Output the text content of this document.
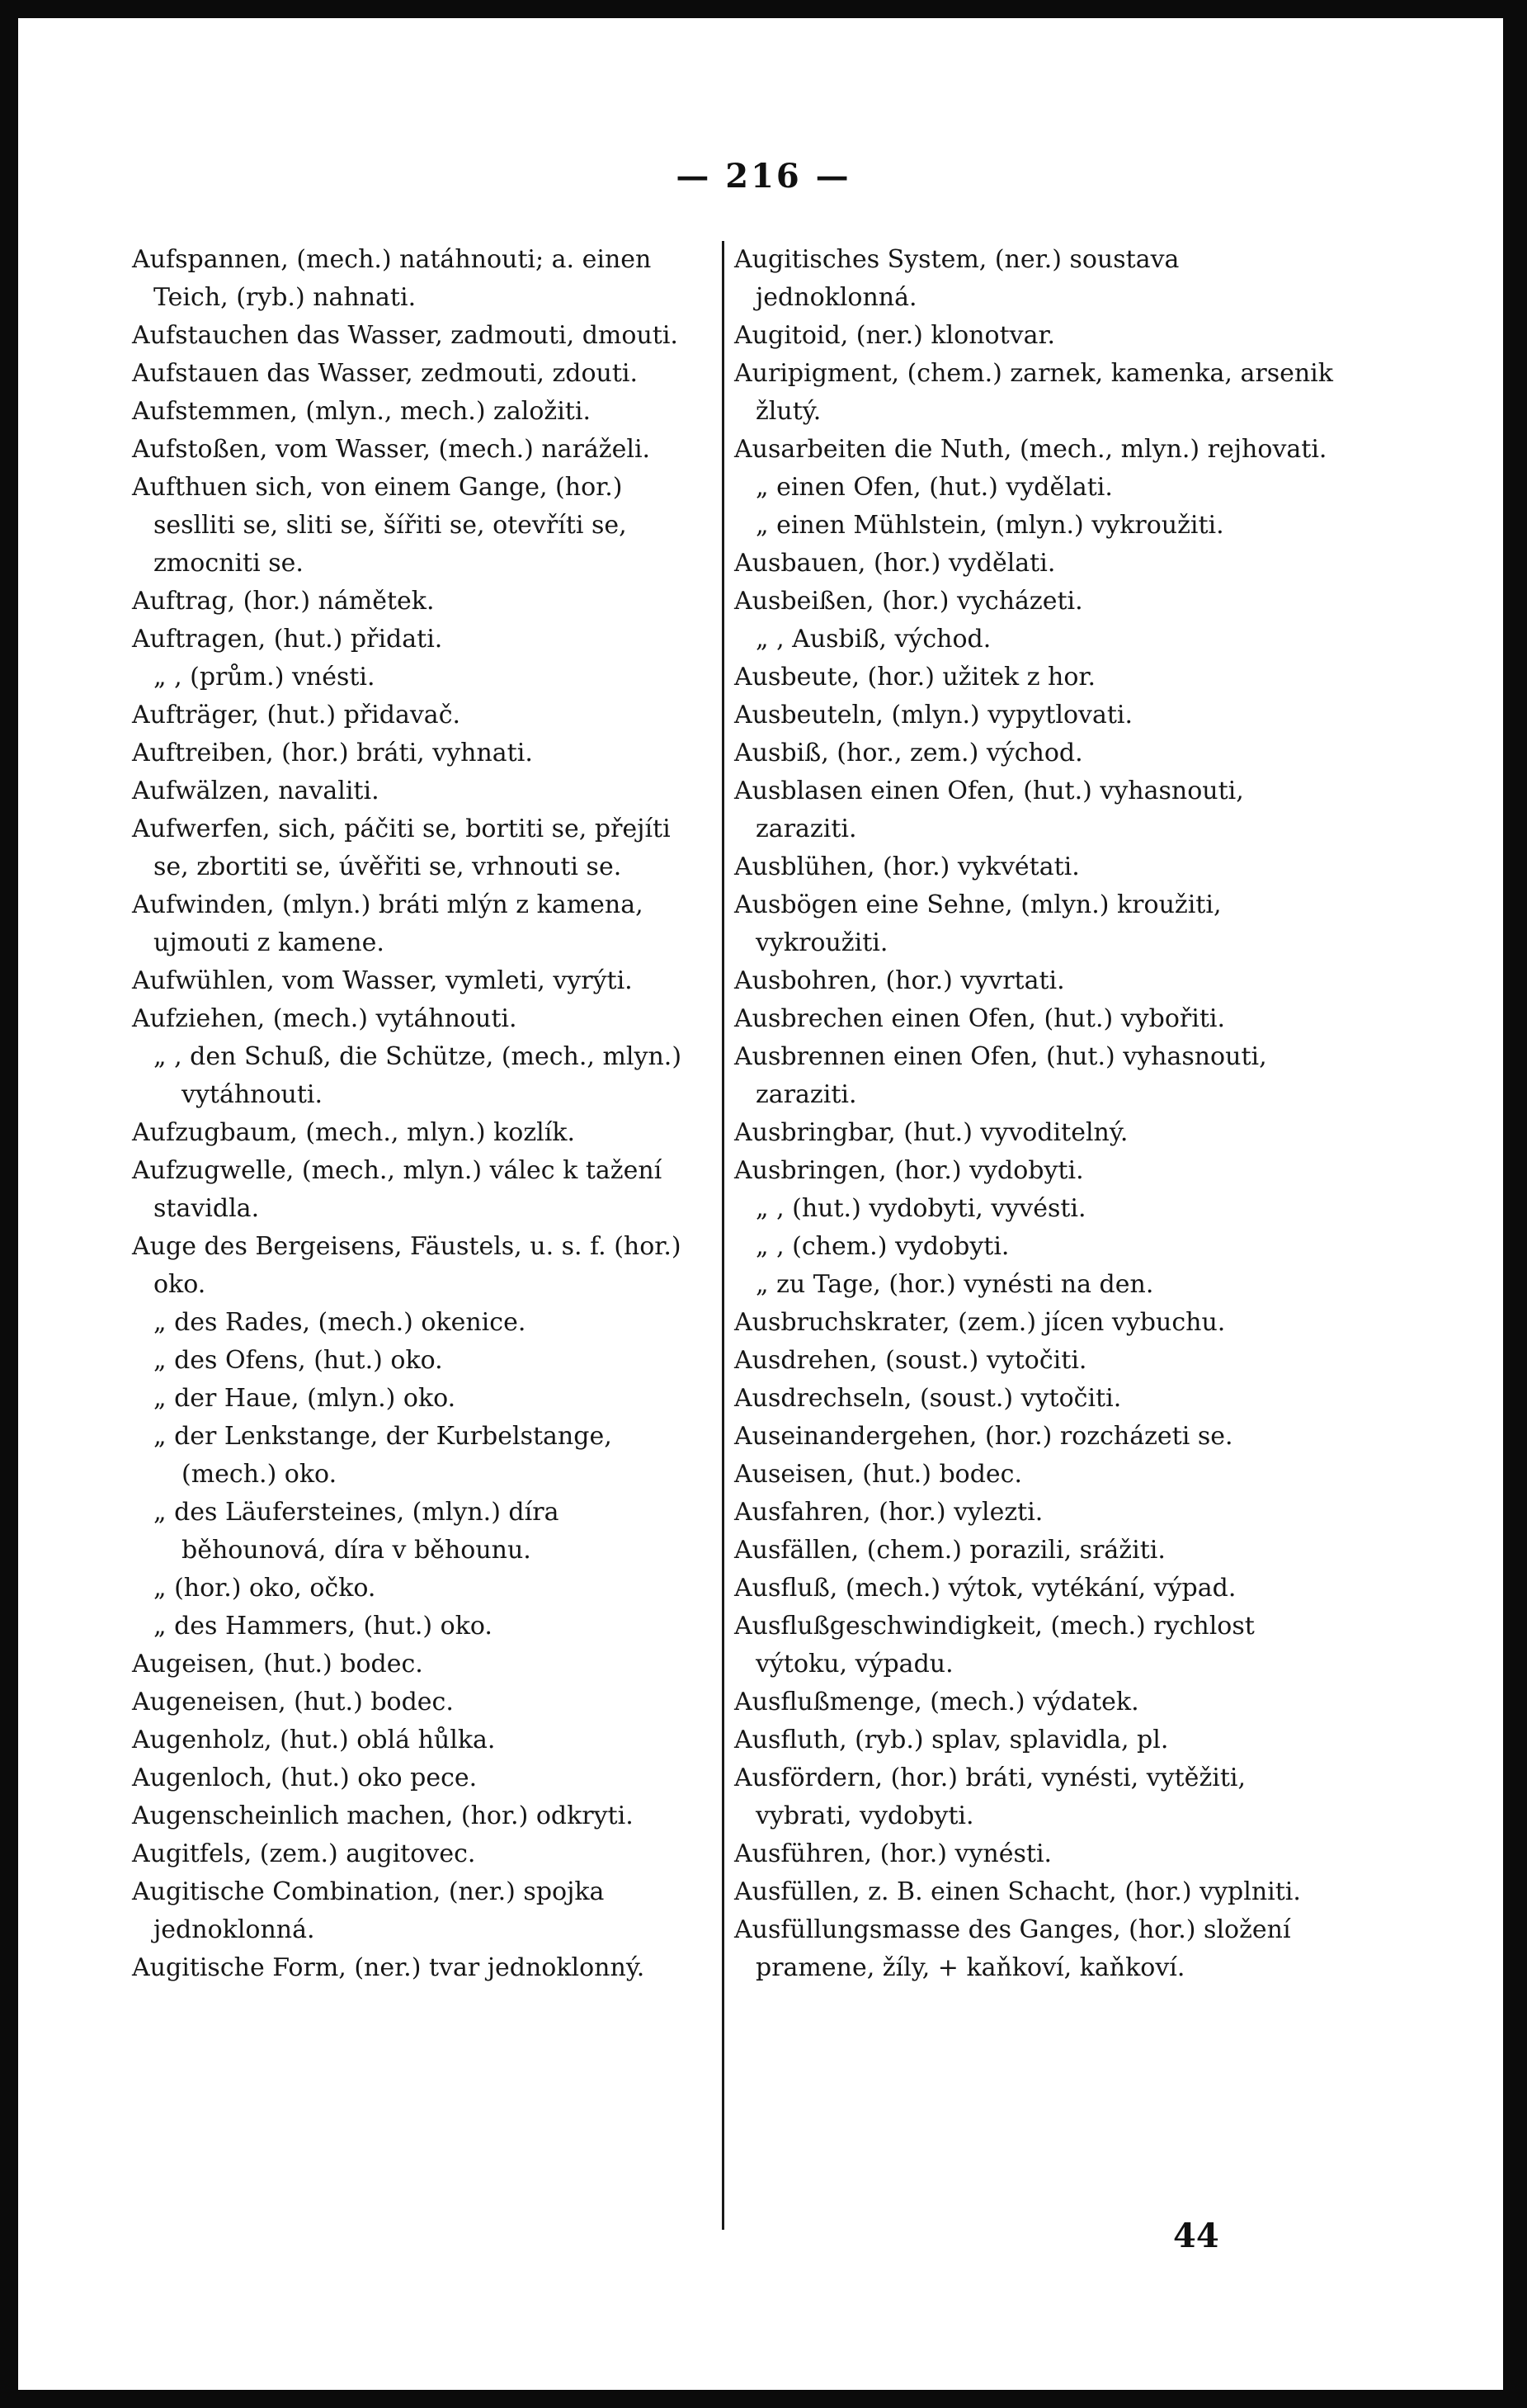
— 216 —
Aufspannen, (mech.) natáhnouti; a. einen Teich, (ryb.) nahnati.
Aufstauchen das Wasser, zadmouti, dmouti.
Aufstauen das Wasser, zedmouti, zdouti.
Aufstemmen, (mlyn., mech.) založiti.
Aufstoßen, vom Wasser, (mech.) naráželi.
Aufthuen sich, von einem Gange, (hor.) seslliti se, sliti se, šířiti se, otevříti se, zmocniti se.
Auftrag, (hor.) námětek.
Auftragen, (hut.) přidati.
„ , (prům.) vnésti.
Aufträger, (hut.) přidavač.
Auftreiben, (hor.) bráti, vyhnati.
Aufwälzen, navaliti.
Aufwerfen, sich, páčiti se, bortiti se, přejíti se, zbortiti se, úvěřiti se, vrhnouti se.
Aufwinden, (mlyn.) bráti mlýn z kamena, ujmouti z kamene.
Aufwühlen, vom Wasser, vymleti, vyrýti.
Aufziehen, (mech.) vytáhnouti.
„ , den Schuß, die Schütze, (mech., mlyn.) vytáhnouti.
Aufzugbaum, (mech., mlyn.) kozlík.
Aufzugwelle, (mech., mlyn.) válec k tažení stavidla.
Auge des Bergeisens, Fäustels, u. s. f. (hor.) oko.
„ des Rades, (mech.) okenice.
„ des Ofens, (hut.) oko.
„ der Haue, (mlyn.) oko.
„ der Lenkstange, der Kurbelstange, (mech.) oko.
„ des Läufersteines, (mlyn.) díra běhounová, díra v běhounu.
„ (hor.) oko, očko.
„ des Hammers, (hut.) oko.
Augeisen, (hut.) bodec.
Augeneisen, (hut.) bodec.
Augenholz, (hut.) oblá hůlka.
Augenloch, (hut.) oko pece.
Augenscheinlich machen, (hor.) odkryti.
Augitfels, (zem.) augitovec.
Augitische Combination, (ner.) spojka jednoklonná.
Augitische Form, (ner.) tvar jednoklonný.
Augitisches System, (ner.) soustava jednoklonná.
Augitoid, (ner.) klonotvar.
Auripigment, (chem.) zarnek, kamenka, arsenik žlutý.
Ausarbeiten die Nuth, (mech., mlyn.) rejhovati.
„ einen Ofen, (hut.) vydělati.
„ einen Mühlstein, (mlyn.) vykroužiti.
Ausbauen, (hor.) vydělati.
Ausbeißen, (hor.) vycházeti.
„ , Ausbiß, východ.
Ausbeute, (hor.) užitek z hor.
Ausbeuteln, (mlyn.) vypytlovati.
Ausbiß, (hor., zem.) východ.
Ausblasen einen Ofen, (hut.) vyhasnouti, zaraziti.
Ausblühen, (hor.) vykvétati.
Ausbögen eine Sehne, (mlyn.) kroužiti, vykroužiti.
Ausbohren, (hor.) vyvrtati.
Ausbrechen einen Ofen, (hut.) vybořiti.
Ausbrennen einen Ofen, (hut.) vyhasnouti, zaraziti.
Ausbringbar, (hut.) vyvoditelný.
Ausbringen, (hor.) vydobyti.
„ , (hut.) vydobyti, vyvésti.
„ , (chem.) vydobyti.
„ zu Tage, (hor.) vynésti na den.
Ausbruchskrater, (zem.) jícen vybuchu.
Ausdrehen, (soust.) vytočiti.
Ausdrechseln, (soust.) vytočiti.
Auseinandergehen, (hor.) rozcházeti se.
Auseisen, (hut.) bodec.
Ausfahren, (hor.) vylezti.
Ausfällen, (chem.) porazili, srážiti.
Ausfluß, (mech.) výtok, vytékání, výpad.
Ausflußgeschwindigkeit, (mech.) rychlost výtoku, výpadu.
Ausflußmenge, (mech.) výdatek.
Ausfluth, (ryb.) splav, splavidla, pl.
Ausfördern, (hor.) bráti, vynésti, vytěžiti, vybrati, vydobyti.
Ausführen, (hor.) vynésti.
Ausfüllen, z. B. einen Schacht, (hor.) vyplniti.
Ausfüllungsmasse des Ganges, (hor.) složení pramene, žíly, + kaňkoví, kaňkoví.
44
